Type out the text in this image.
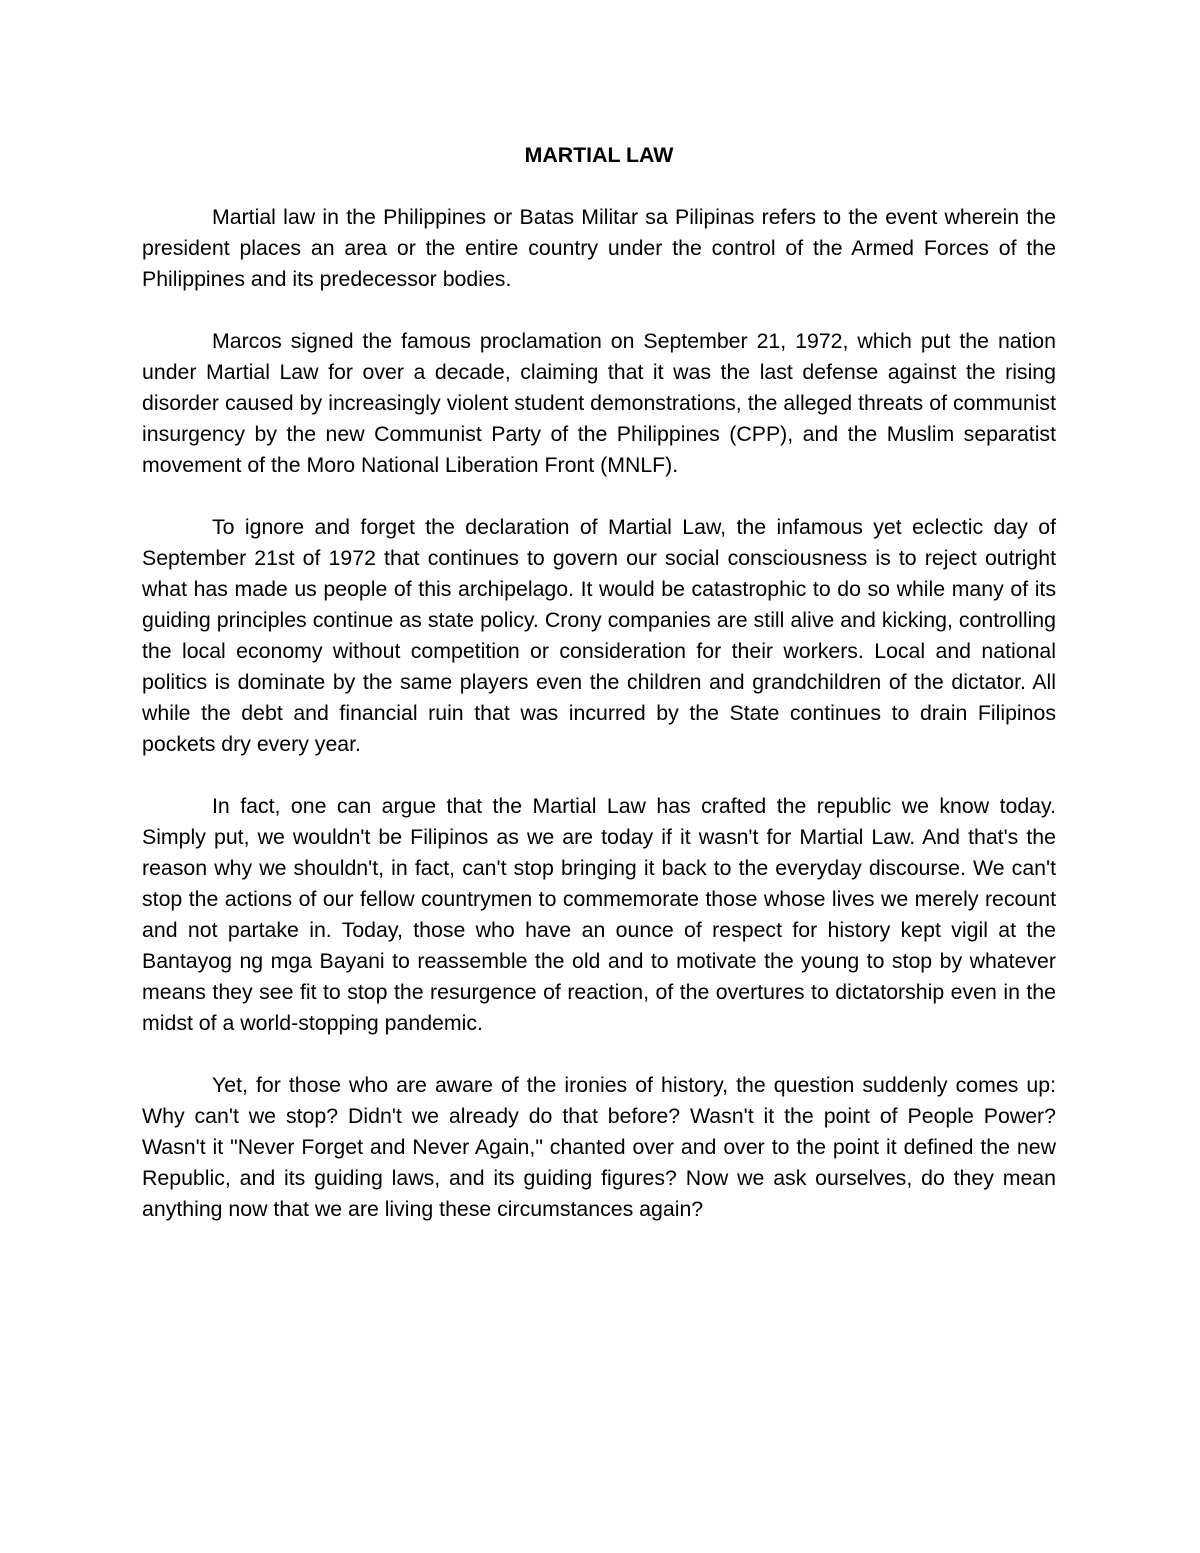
MARTIAL LAW

Martial law in the Philippines or Batas Militar sa Pilipinas refers to the event wherein the president places an area or the entire country under the control of the Armed Forces of the Philippines and its predecessor bodies.

Marcos signed the famous proclamation on September 21, 1972, which put the nation under Martial Law for over a decade, claiming that it was the last defense against the rising disorder caused by increasingly violent student demonstrations, the alleged threats of communist insurgency by the new Communist Party of the Philippines (CPP), and the Muslim separatist movement of the Moro National Liberation Front (MNLF).

To ignore and forget the declaration of Martial Law, the infamous yet eclectic day of September 21st of 1972 that continues to govern our social consciousness is to reject outright what has made us people of this archipelago. It would be catastrophic to do so while many of its guiding principles continue as state policy. Crony companies are still alive and kicking, controlling the local economy without competition or consideration for their workers. Local and national politics is dominate by the same players even the children and grandchildren of the dictator. All while the debt and financial ruin that was incurred by the State continues to drain Filipinos pockets dry every year.

In fact, one can argue that the Martial Law has crafted the republic we know today. Simply put, we wouldn't be Filipinos as we are today if it wasn't for Martial Law. And that's the reason why we shouldn't, in fact, can't stop bringing it back to the everyday discourse. We can't stop the actions of our fellow countrymen to commemorate those whose lives we merely recount and not partake in. Today, those who have an ounce of respect for history kept vigil at the Bantayog ng mga Bayani to reassemble the old and to motivate the young to stop by whatever means they see fit to stop the resurgence of reaction, of the overtures to dictatorship even in the midst of a world-stopping pandemic.

Yet, for those who are aware of the ironies of history, the question suddenly comes up: Why can't we stop? Didn't we already do that before? Wasn't it the point of People Power? Wasn't it "Never Forget and Never Again," chanted over and over to the point it defined the new Republic, and its guiding laws, and its guiding figures? Now we ask ourselves, do they mean anything now that we are living these circumstances again?
